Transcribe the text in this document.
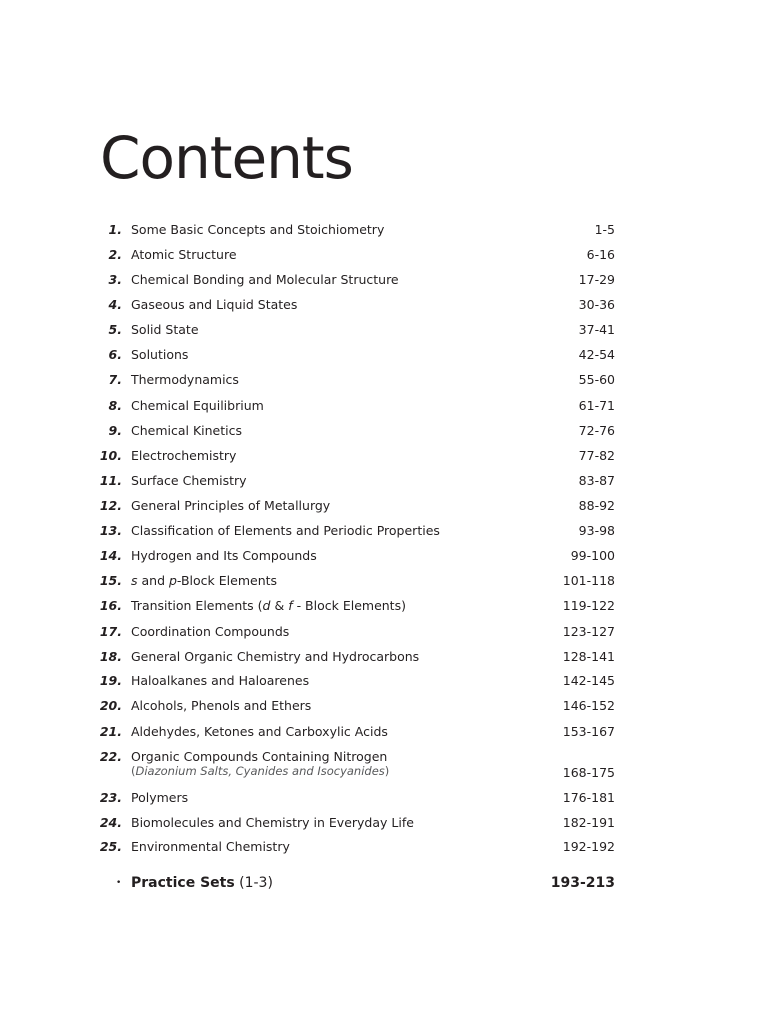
Contents
1. Some Basic Concepts and Stoichiometry	1-5
2. Atomic Structure	6-16
3. Chemical Bonding and Molecular Structure	17-29
4. Gaseous and Liquid States	30-36
5. Solid State	37-41
6. Solutions	42-54
7. Thermodynamics	55-60
8. Chemical Equilibrium	61-71
9. Chemical Kinetics	72-76
10. Electrochemistry	77-82
11. Surface Chemistry	83-87
12. General Principles of Metallurgy	88-92
13. Classification of Elements and Periodic Properties	93-98
14. Hydrogen and Its Compounds	99-100
15. s and p-Block Elements	101-118
16. Transition Elements (d & f - Block Elements)	119-122
17. Coordination Compounds	123-127
18. General Organic Chemistry and Hydrocarbons	128-141
19. Haloalkanes and Haloarenes	142-145
20. Alcohols, Phenols and Ethers	146-152
21. Aldehydes, Ketones and Carboxylic Acids	153-167
22. Organic Compounds Containing Nitrogen
(Diazonium Salts, Cyanides and Isocyanides)	168-175
23. Polymers	176-181
24. Biomolecules and Chemistry in Everyday Life	182-191
25. Environmental Chemistry	192-192
• Practice Sets (1-3)	193-213
